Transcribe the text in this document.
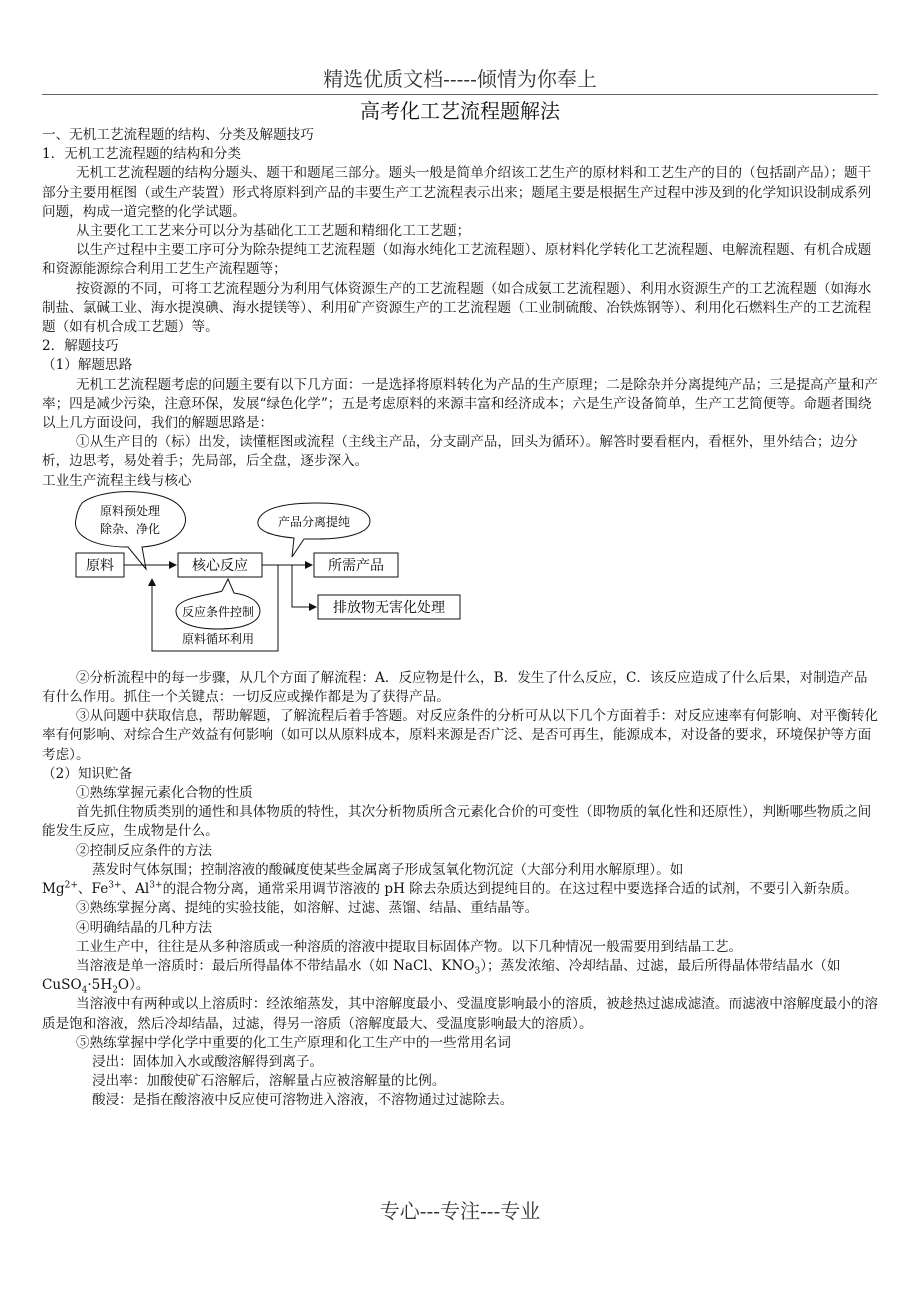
精选优质文档-----倾情为你奉上
高考化工艺流程题解法

一、无机工艺流程题的结构、分类及解题技巧

1．无机工艺流程题的结构和分类

无机工艺流程题的结构分题头、题干和题尾三部分。题头一般是简单介绍该工艺生产的原材料和工艺生产的目的（包括副产品）；题干部分主要用框图（或生产装置）形式将原料到产品的丰要生产工艺流程表示出来；题尾主要是根据生产过程中涉及到的化学知识设制成系列问题，构成一道完整的化学试题。

从主要化工工艺来分可以分为基础化工工艺题和精细化工工艺题；

以生产过程中主要工序可分为除杂提纯工艺流程题（如海水纯化工艺流程题）、原材料化学转化工艺流程题、电解流程题、有机合成题和资源能源综合利用工艺生产流程题等；

按资源的不同，可将工艺流程题分为利用气体资源生产的工艺流程题（如合成氨工艺流程题）、利用水资源生产的工艺流程题（如海水制盐、氯碱工业、海水提溴碘、海水提镁等）、利用矿产资源生产的工艺流程题（工业制硫酸、冶铁炼钢等）、利用化石燃料生产的工艺流程题（如有机合成工艺题）等。

2．解题技巧

（1）解题思路

无机工艺流程题考虑的问题主要有以下几方面：一是选择将原料转化为产品的生产原理；二是除杂并分离提纯产品；三是提高产量和产率；四是减少污染，注意环保，发展“绿色化学”；五是考虑原料的来源丰富和经济成本；六是生产设备简单，生产工艺简便等。命题者围绕以上几方面设问，我们的解题思路是：

①从生产目的（标）出发，读懂框图或流程（主线主产品，分支副产品，回头为循环）。解答时要看框内，看框外，里外结合；边分析，边思考，易处着手；先局部，后全盘，逐步深入。

工业生产流程主线与核心

原料预处理
除杂、净化
原料	核心反应
产品分离提纯
所需产品
排放物无害化处理
反应条件控制
原料循环利用

②分析流程中的每一步骤，从几个方面了解流程：A．反应物是什么，B．发生了什么反应，C．该反应造成了什么后果，对制造产品有什么作用。抓住一个关键点：一切反应或操作都是为了获得产品。

③从问题中获取信息，帮助解题，了解流程后着手答题。对反应条件的分析可从以下几个方面着手：对反应速率有何影响、对平衡转化率有何影响、对综合生产效益有何影响（如可以从原料成本，原料来源是否广泛、是否可再生，能源成本，对设备的要求，环境保护等方面考虑）。

（2）知识贮备

①熟练掌握元素化合物的性质

首先抓住物质类别的通性和具体物质的特性，其次分析物质所含元素化合价的可变性（即物质的氧化性和还原性），判断哪些物质之间能发生反应，生成物是什么。

②控制反应条件的方法

蒸发时气体氛围；控制溶液的酸碱度使某些金属离子形成氢氧化物沉淀（大部分利用水解原理）。如

$Mg^{2+}$、$Fe^{3+}$、$Al^{3+}$的混合物分离，通常采用调节溶液的 pH 除去杂质达到提纯目的。在这过程中要选择合适的试剂，不要引入新杂质。

③熟练掌握分离、提纯的实验技能，如溶解、过滤、蒸馏、结晶、重结晶等。

④明确结晶的几种方法

工业生产中，往往是从多种溶质或一种溶质的溶液中提取目标固体产物。以下几种情况一般需要用到结晶工艺。

当溶液是单一溶质时：最后所得晶体不带结晶水（如 NaCl、$KNO_3$）；蒸发浓缩、冷却结晶、过滤，最后所得晶体带结晶水（如 $CuSO_4\cdot 5H_2O$）。

当溶液中有两种或以上溶质时：经浓缩蒸发，其中溶解度最小、受温度影响最小的溶质，被趁热过滤成滤渣。而滤液中溶解度最小的溶质是饱和溶液，然后冷却结晶，过滤，得另一溶质（溶解度最大、受温度影响最大的溶质）。

⑤熟练掌握中学化学中重要的化工生产原理和化工生产中的一些常用名词

浸出：固体加入水或酸溶解得到离子。

浸出率：加酸使矿石溶解后，溶解量占应被溶解量的比例。

酸浸：是指在酸溶液中反应使可溶物进入溶液，不溶物通过过滤除去。

专心---专注---专业
